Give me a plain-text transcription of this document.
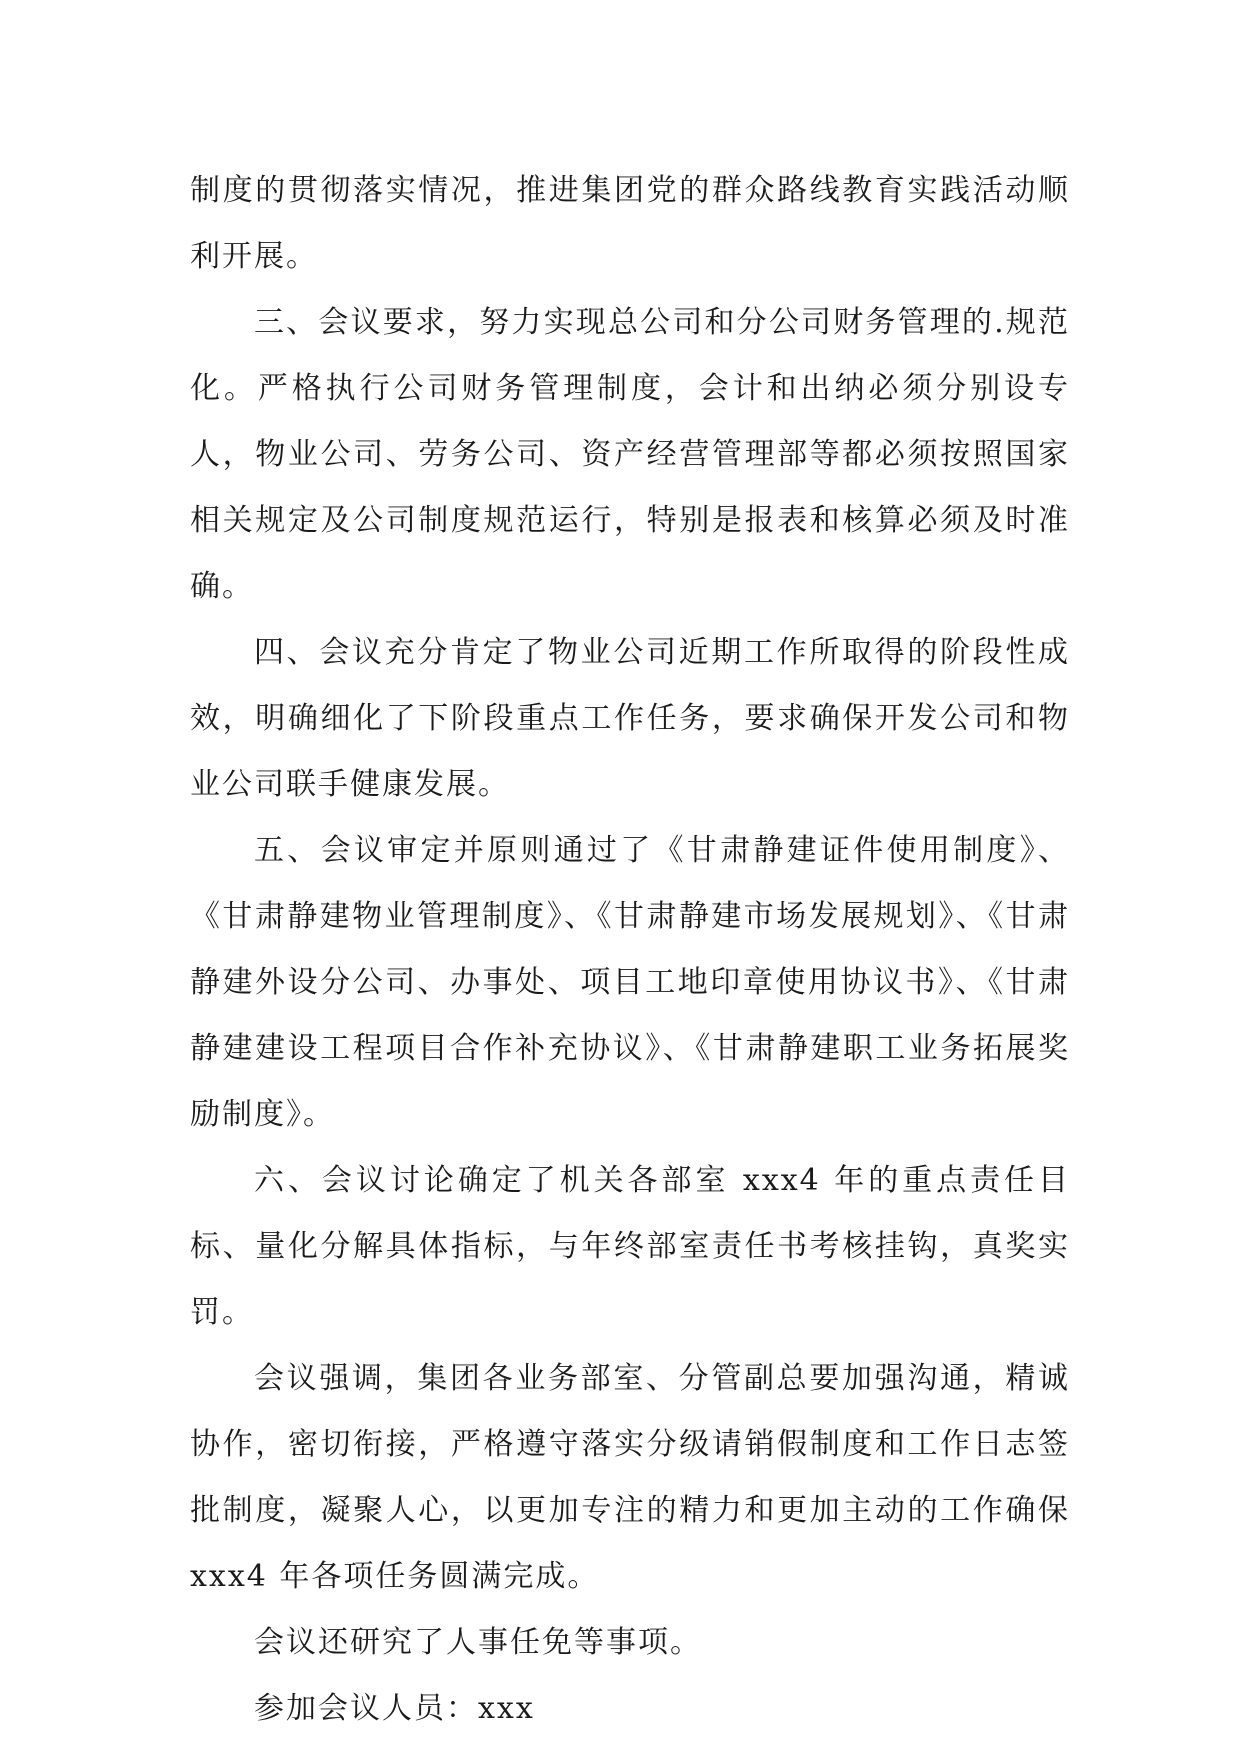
制度的贯彻落实情况，推进集团党的群众路线教育实践活动顺利开展。

三、会议要求，努力实现总公司和分公司财务管理的.规范化。严格执行公司财务管理制度，会计和出纳必须分别设专人，物业公司、劳务公司、资产经营管理部等都必须按照国家相关规定及公司制度规范运行，特别是报表和核算必须及时准确。

四、会议充分肯定了物业公司近期工作所取得的阶段性成效，明确细化了下阶段重点工作任务，要求确保开发公司和物业公司联手健康发展。

五、会议审定并原则通过了《甘肃静建证件使用制度》、《甘肃静建物业管理制度》、《甘肃静建市场发展规划》、《甘肃静建外设分公司、办事处、项目工地印章使用协议书》、《甘肃静建建设工程项目合作补充协议》、《甘肃静建职工业务拓展奖励制度》。

六、会议讨论确定了机关各部室 xxx4 年的重点责任目标、量化分解具体指标，与年终部室责任书考核挂钩，真奖实罚。

会议强调，集团各业务部室、分管副总要加强沟通，精诚协作，密切衔接，严格遵守落实分级请销假制度和工作日志签批制度，凝聚人心，以更加专注的精力和更加主动的工作确保 xxx4 年各项任务圆满完成。

会议还研究了人事任免等事项。

参加会议人员：xxx
